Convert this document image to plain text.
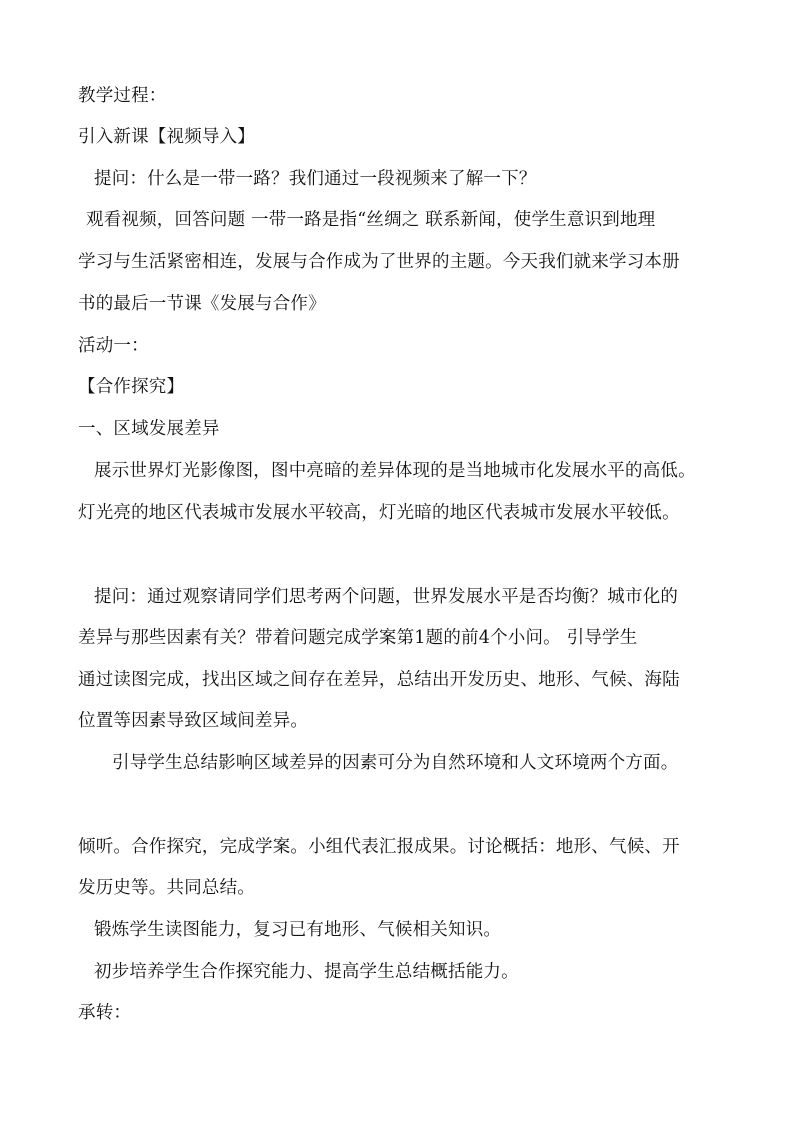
教学过程：
引入新课【视频导入】
提问：什么是一带一路？我们通过一段视频来了解一下？
观看视频，回答问题 一带一路是指“丝绸之 联系新闻，使学生意识到地理
学习与生活紧密相连，发展与合作成为了世界的主题。今天我们就来学习本册
书的最后一节课《发展与合作》
活动一：
【合作探究】
一、区域发展差异
展示世界灯光影像图，图中亮暗的差异体现的是当地城市化发展水平的高低。
灯光亮的地区代表城市发展水平较高，灯光暗的地区代表城市发展水平较低。
提问：通过观察请同学们思考两个问题，世界发展水平是否均衡？城市化的
差异与那些因素有关？带着问题完成学案第1题的前4个小问。 引导学生
通过读图完成，找出区域之间存在差异，总结出开发历史、地形、气候、海陆
位置等因素导致区域间差异。
引导学生总结影响区域差异的因素可分为自然环境和人文环境两个方面。
倾听。合作探究，完成学案。小组代表汇报成果。讨论概括：地形、气候、开
发历史等。共同总结。
锻炼学生读图能力，复习已有地形、气候相关知识。
初步培养学生合作探究能力、提高学生总结概括能力。
承转：
